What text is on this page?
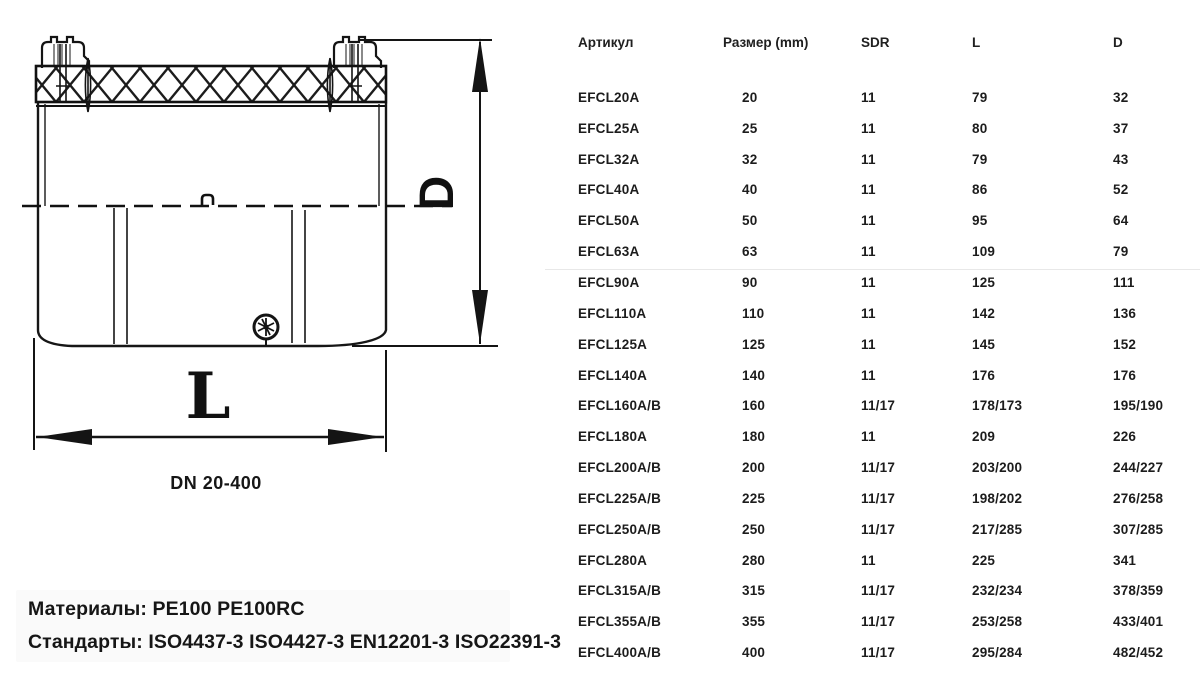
D
L
DN 20-400
Материалы: PE100 PE100RC
Стандарты: ISO4437-3 ISO4427-3 EN12201-3 ISO22391-3
Артикул	Размер (mm)	SDR	L	D
EFCL20A	20	11	79	32
EFCL25A	25	11	80	37
EFCL32A	32	11	79	43
EFCL40A	40	11	86	52
EFCL50A	50	11	95	64
EFCL63A	63	11	109	79
EFCL90A	90	11	125	111
EFCL110A	110	11	142	136
EFCL125A	125	11	145	152
EFCL140A	140	11	176	176
EFCL160A/B	160	11/17	178/173	195/190
EFCL180A	180	11	209	226
EFCL200A/B	200	11/17	203/200	244/227
EFCL225A/B	225	11/17	198/202	276/258
EFCL250A/B	250	11/17	217/285	307/285
EFCL280A	280	11	225	341
EFCL315A/B	315	11/17	232/234	378/359
EFCL355A/B	355	11/17	253/258	433/401
EFCL400A/B	400	11/17	295/284	482/452
